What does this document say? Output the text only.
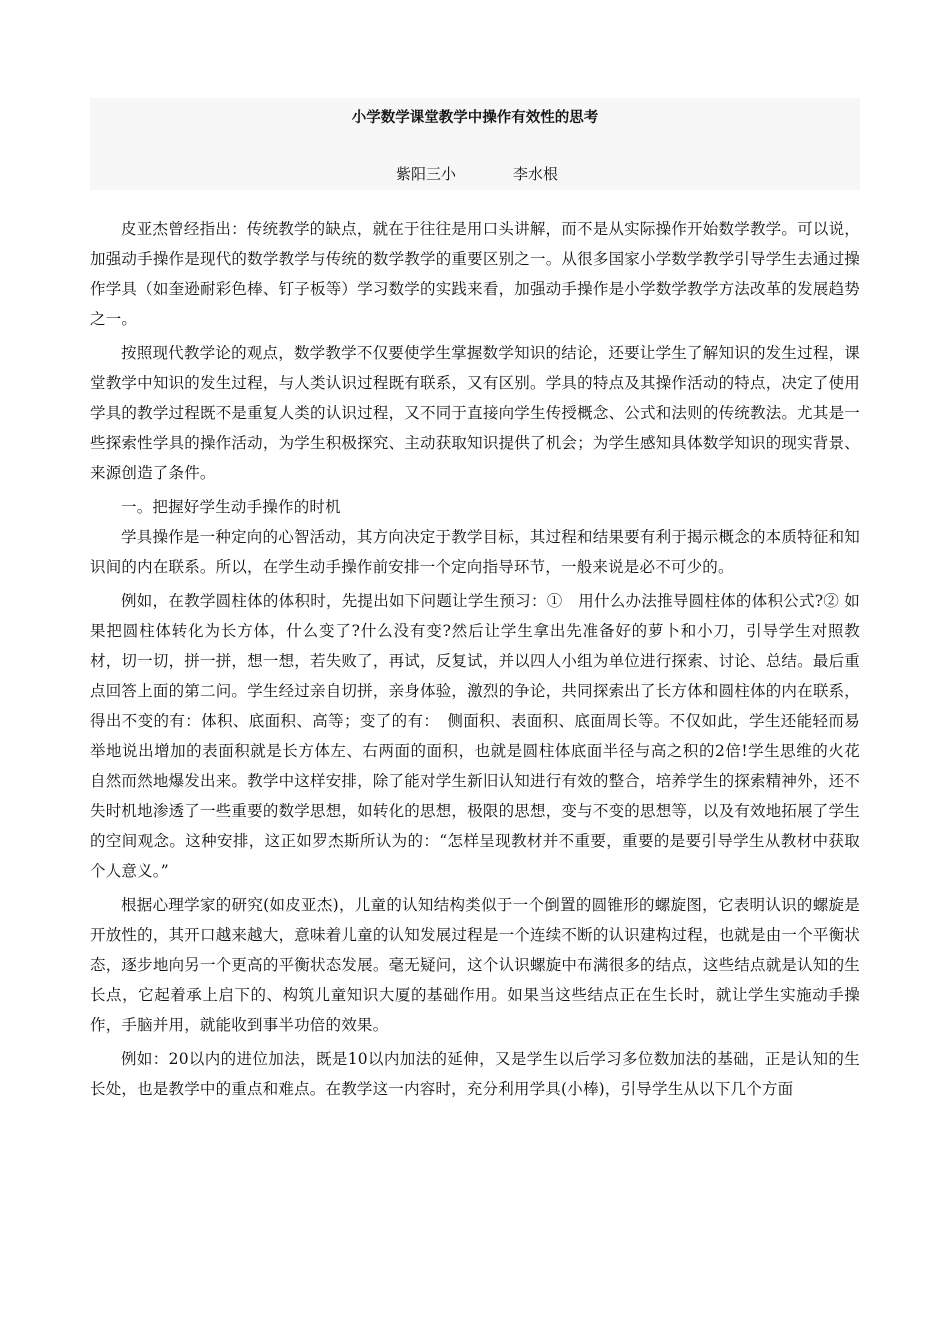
小学数学课堂教学中操作有效性的思考
紫阳三小	李水根

皮亚杰曾经指出：传统教学的缺点，就在于往往是用口头讲解，而不是从实际操作开始数学教学。可以说，加强动手操作是现代的数学教学与传统的数学教学的重要区别之一。从很多国家小学数学教学引导学生去通过操作学具（如奎逊耐彩色棒、钉子板等）学习数学的实践来看，加强动手操作是小学数学教学方法改革的发展趋势之一。

按照现代教学论的观点，数学教学不仅要使学生掌握数学知识的结论，还要让学生了解知识的发生过程，课堂教学中知识的发生过程，与人类认识过程既有联系，又有区别。学具的特点及其操作活动的特点，决定了使用学具的教学过程既不是重复人类的认识过程，又不同于直接向学生传授概念、公式和法则的传统教法。尤其是一些探索性学具的操作活动，为学生积极探究、主动获取知识提供了机会；为学生感知具体数学知识的现实背景、来源创造了条件。

一。把握好学生动手操作的时机

学具操作是一种定向的心智活动，其方向决定于教学目标，其过程和结果要有利于揭示概念的本质特征和知识间的内在联系。所以，在学生动手操作前安排一个定向指导环节，一般来说是必不可少的。

例如，在教学圆柱体的体积时，先提出如下问题让学生预习：①　用什么办法推导圆柱体的体积公式?② 如果把圆柱体转化为长方体，什么变了?什么没有变?然后让学生拿出先准备好的萝卜和小刀，引导学生对照教材，切一切，拼一拼，想一想，若失败了，再试，反复试，并以四人小组为单位进行探索、讨论、总结。最后重点回答上面的第二问。学生经过亲自切拼，亲身体验，激烈的争论，共同探索出了长方体和圆柱体的内在联系，得出不变的有：体积、底面积、高等；变了的有：　侧面积、表面积、底面周长等。不仅如此，学生还能轻而易举地说出增加的表面积就是长方体左、右两面的面积，也就是圆柱体底面半径与高之积的2倍!学生思维的火花自然而然地爆发出来。教学中这样安排，除了能对学生新旧认知进行有效的整合，培养学生的探索精神外，还不失时机地渗透了一些重要的数学思想，如转化的思想，极限的思想，变与不变的思想等，以及有效地拓展了学生的空间观念。这种安排，这正如罗杰斯所认为的：“怎样呈现教材并不重要，重要的是要引导学生从教材中获取个人意义。”

根据心理学家的研究(如皮亚杰)，儿童的认知结构类似于一个倒置的圆锥形的螺旋图，它表明认识的螺旋是开放性的，其开口越来越大，意味着儿童的认知发展过程是一个连续不断的认识建构过程，也就是由一个平衡状态，逐步地向另一个更高的平衡状态发展。毫无疑问，这个认识螺旋中布满很多的结点，这些结点就是认知的生长点，它起着承上启下的、构筑儿童知识大厦的基础作用。如果当这些结点正在生长时，就让学生实施动手操作，手脑并用，就能收到事半功倍的效果。

例如：20以内的进位加法，既是10以内加法的延伸，又是学生以后学习多位数加法的基础，正是认知的生长处，也是教学中的重点和难点。在教学这一内容时，充分利用学具(小棒)，引导学生从以下几个方面
